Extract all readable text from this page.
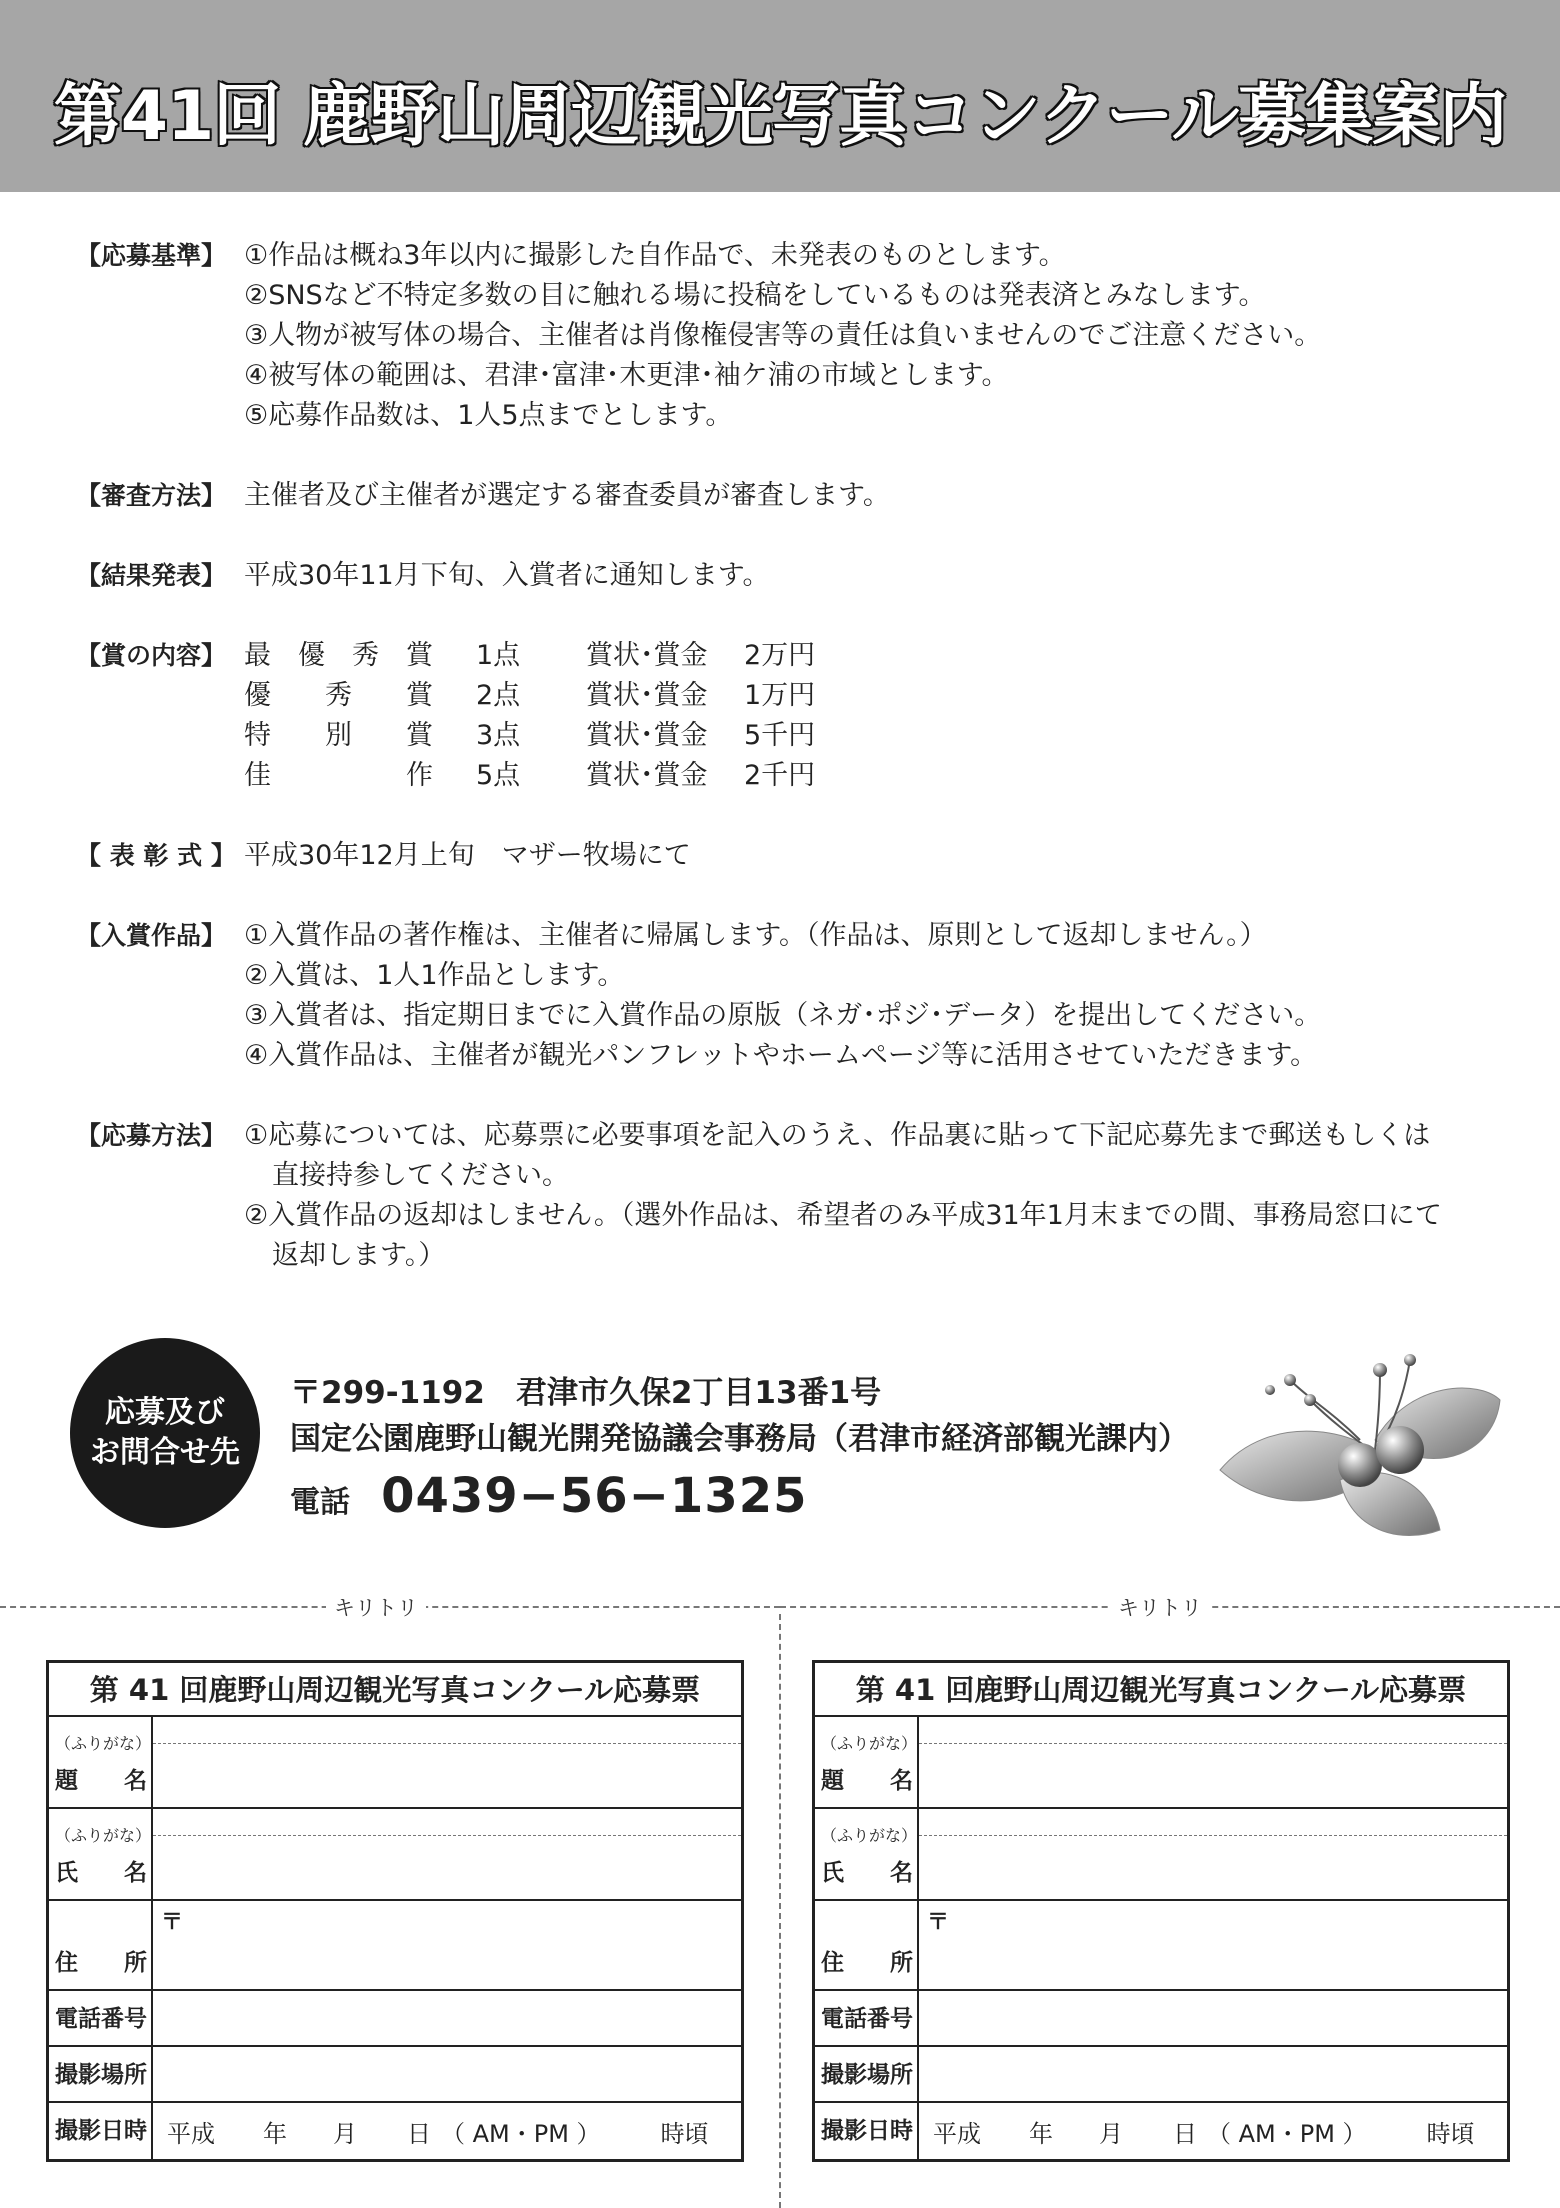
第41回 鹿野山周辺観光写真コンクール募集案内
【応募基準】 ①作品は概ね3年以内に撮影した自作品で、未発表のものとします。
②SNSなど不特定多数の目に触れる場に投稿をしているものは発表済とみなします。
③人物が被写体の場合、主催者は肖像権侵害等の責任は負いませんのでご注意ください。
④被写体の範囲は、君津･富津･木更津･袖ケ浦の市域とします。
⑤応募作品数は、1人5点までとします。
【審査方法】 主催者及び主催者が選定する審査委員が審査します。
【結果発表】 平成30年11月下旬、入賞者に通知します。
【賞の内容】 最　優　秀　賞	1点	賞状･賞金	2万円
優　　秀　　賞	2点	賞状･賞金	1万円
特　　別　　賞	3点	賞状･賞金	5千円
佳　　　　　作	5点	賞状･賞金	2千円
【 表 彰 式 】 平成30年12月上旬　マザー牧場にて
【入賞作品】 ①入賞作品の著作権は、主催者に帰属します。（作品は、原則として返却しません。）
②入賞は、1人1作品とします。
③入賞者は、指定期日までに入賞作品の原版（ネガ･ポジ･データ）を提出してください。
④入賞作品は、主催者が観光パンフレットやホームページ等に活用させていただきます。
【応募方法】 ①応募については、応募票に必要事項を記入のうえ、作品裏に貼って下記応募先まで郵送もしくは
直接持参してください。
②入賞作品の返却はしません。（選外作品は、希望者のみ平成31年1月末までの間、事務局窓口にて
返却します。）
応募及び
お問合せ先
〒299-1192　君津市久保2丁目13番1号
国定公園鹿野山観光開発協議会事務局（君津市経済部観光課内）
電話 0439−56−1325
キリトリ	キリトリ
第 41 回鹿野山周辺観光写真コンクール応募票
（ふりがな）
題 名
（ふりがな）
氏 名
住 所
〒
電話番号
撮影場所
撮影日時 平成 年 月 日 （ AM・PM ）	時頃
第 41 回鹿野山周辺観光写真コンクール応募票
（ふりがな）
題 名
（ふりがな）
氏 名
住 所
〒
電話番号
撮影場所
撮影日時 平成 年 月 日 （ AM・PM ）	時頃
